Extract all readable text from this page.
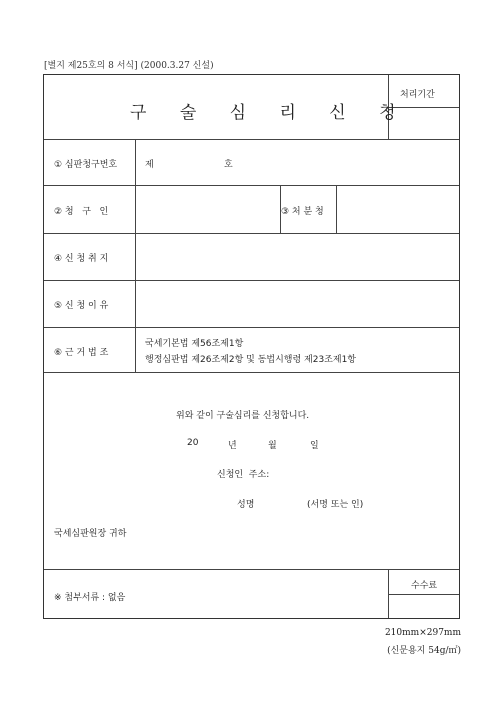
[별지 제25호의 8 서식] (2000.3.27 신설)
구 술 심 리 신 청
처리기간
① 심판청구번호	제	호
② 청   구   인	③ 처 분 청
④ 신 청 취 지
⑤ 신 청 이 유
⑥ 근 거 법 조
국세기본법 제56조제1항
행정심판법 제26조제2항 및 동법시행령 제23조제1항
위와 같이 구술심리를 신청합니다.
20	년	월	일
신청인  주소:
성명	(서명 또는 인)
국세심판원장 귀하
※ 첨부서류 : 없음
수수료
210mm×297mm
(신문용지 54g/㎡)
